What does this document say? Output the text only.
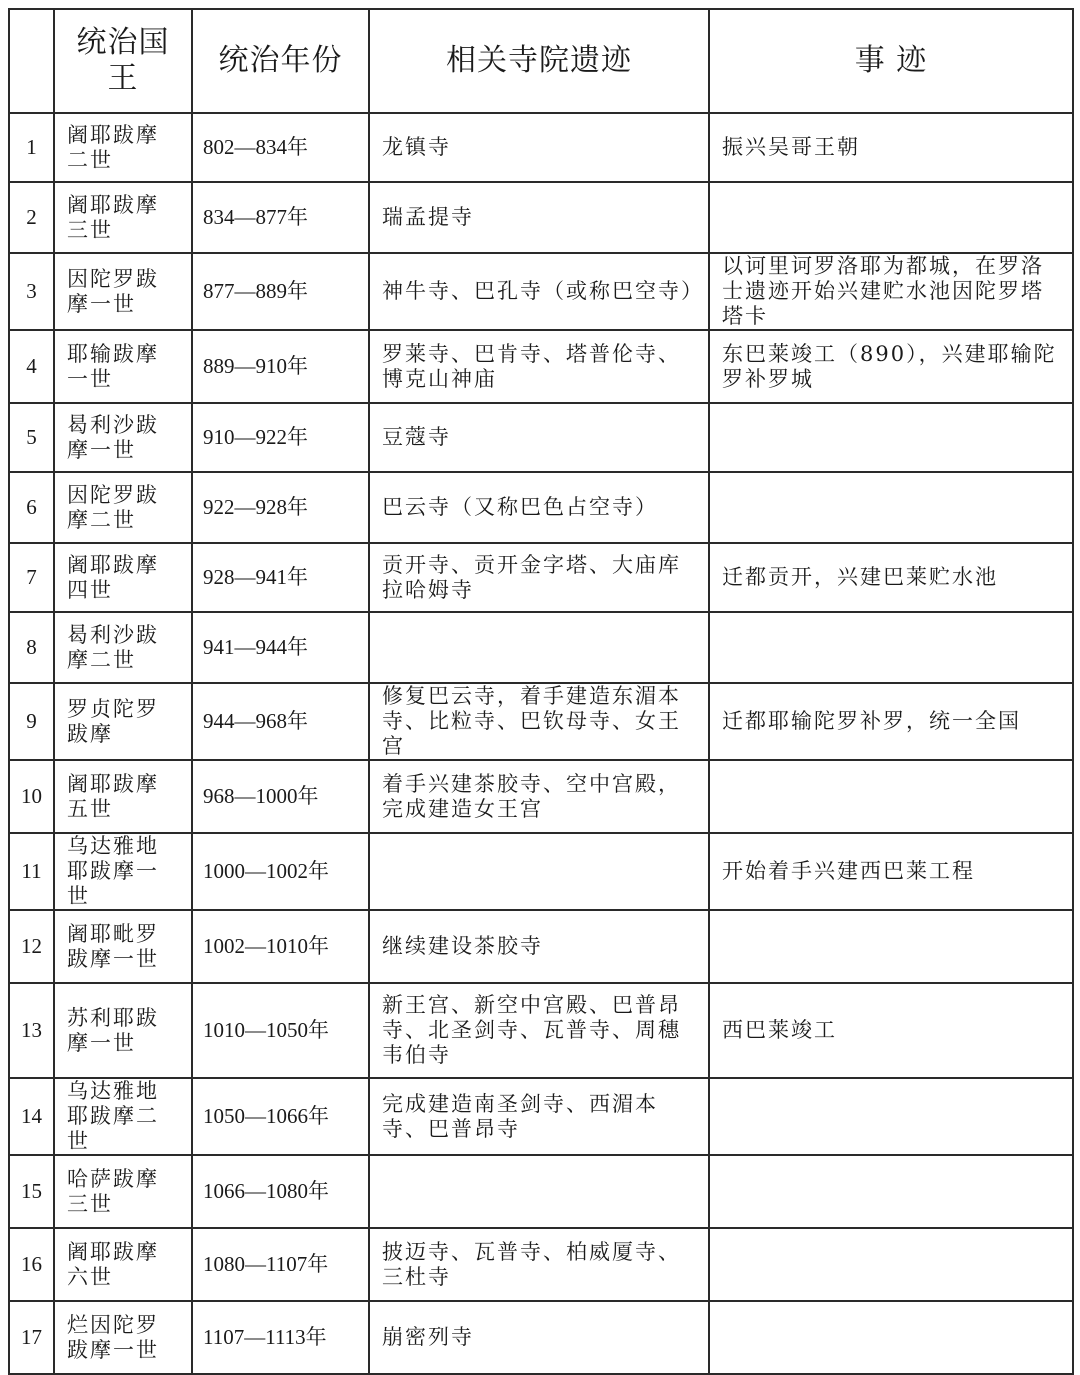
	统治国王	统治年份	相关寺院遗迹	事 迹
1	阇耶跋摩二世	802—834年	龙镇寺	振兴吴哥王朝
2	阇耶跋摩三世	834—877年	瑞孟提寺	
3	因陀罗跋摩一世	877—889年	神牛寺、巴孔寺（或称巴空寺）	以诃里诃罗洛耶为都城，在罗洛士遗迹开始兴建贮水池因陀罗塔塔卡
4	耶输跋摩一世	889—910年	罗莱寺、巴肯寺、塔普伦寺、博克山神庙	东巴莱竣工（890），兴建耶输陀罗补罗城
5	曷利沙跋摩一世	910—922年	豆蔻寺	
6	因陀罗跋摩二世	922—928年	巴云寺（又称巴色占空寺）	
7	阇耶跋摩四世	928—941年	贡开寺、贡开金字塔、大庙库拉哈姆寺	迁都贡开，兴建巴莱贮水池
8	曷利沙跋摩二世	941—944年		
9	罗贞陀罗跋摩	944—968年	修复巴云寺，着手建造东湄本寺、比粒寺、巴钦母寺、女王宫	迁都耶输陀罗补罗，统一全国
10	阇耶跋摩五世	968—1000年	着手兴建茶胶寺、空中宫殿，完成建造女王宫	
11	乌达雅地耶跋摩一世	1000—1002年		开始着手兴建西巴莱工程
12	阇耶毗罗跋摩一世	1002—1010年	继续建设茶胶寺	
13	苏利耶跋摩一世	1010—1050年	新王宫、新空中宫殿、巴普昂寺、北圣剑寺、瓦普寺、周穗韦伯寺	西巴莱竣工
14	乌达雅地耶跋摩二世	1050—1066年	完成建造南圣剑寺、西湄本寺、巴普昂寺	
15	哈萨跋摩三世	1066—1080年		
16	阇耶跋摩六世	1080—1107年	披迈寺、瓦普寺、柏威厦寺、三杜寺	
17	烂因陀罗跋摩一世	1107—1113年	崩密列寺	
